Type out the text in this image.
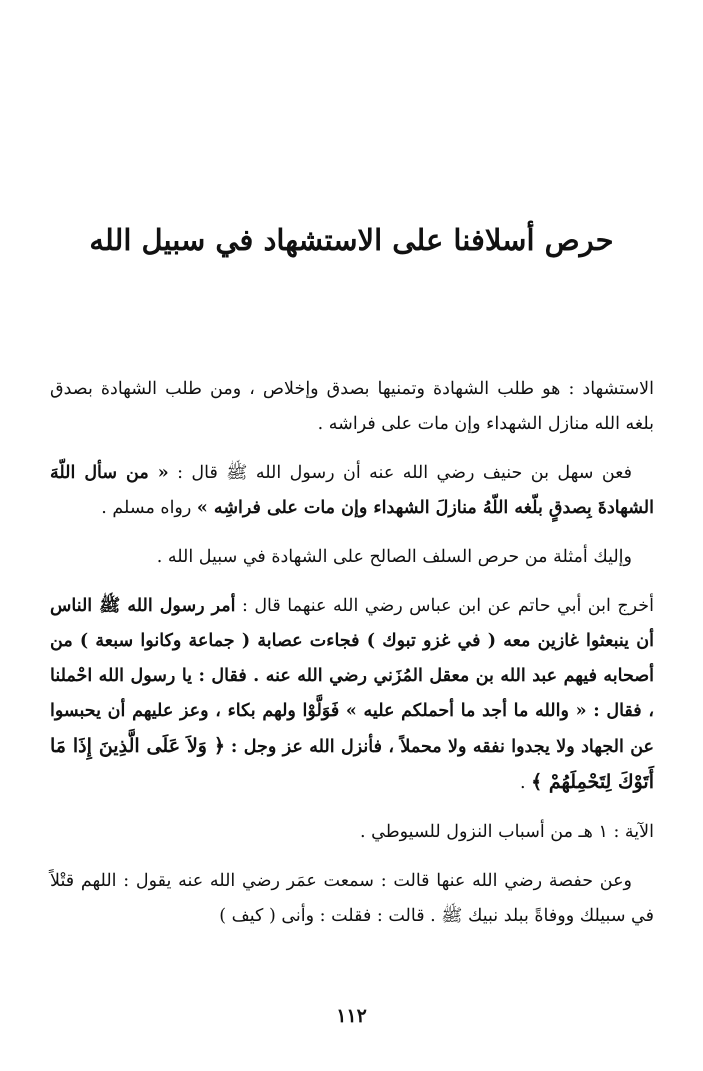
حرص أسلافنا على الاستشهاد في سبيل الله

الاستشهاد : هو طلب الشهادة وتمنيها بصدق وإخلاص ، ومن طلب الشهادة بصدق بلغه الله منازل الشهداء وإن مات على فراشه .

فعن سهل بن حنيف رضي الله عنه أن رسول الله ﷺ قال : « من سأل اللّهَ الشهادةَ بِصدقٍ بلّغه اللّهُ منازلَ الشهداء وإن مات على فراشِه » رواه مسلم .

وإليك أمثلة من حرص السلف الصالح على الشهادة في سبيل الله .

أخرج ابن أبي حاتم عن ابن عباس رضي الله عنهما قال : أمر رسول الله ﷺ الناس أن ينبعثوا غازين معه ( في غزو تبوك ) فجاءت عصابة ( جماعة وكانوا سبعة ) من أصحابه فيهم عبد الله بن معقل المُزَني رضي الله عنه . فقال : يا رسول الله احْملنا ، فقال : « والله ما أجد ما أحملكم عليه » فَوَلَّوْا ولهم بكاء ، وعز عليهم أن يحبسوا عن الجهاد ولا يجدوا نفقه ولا محملاً ، فأنزل الله عز وجل : ﴿ وَلاَ عَلَى الَّذِينَ إِذَا مَا أَتَوْكَ لِتَحْمِلَهُمْ ﴾ .

الآية : ١ هـ من أسباب النزول للسيوطي .

وعن حفصة رضي الله عنها قالت : سمعت عمَر رضي الله عنه يقول : اللهم قتْلاً في سبيلك ووفاةً ببلد نبيك ﷺ . قالت : فقلت : وأنى ( كيف )

١١٢
